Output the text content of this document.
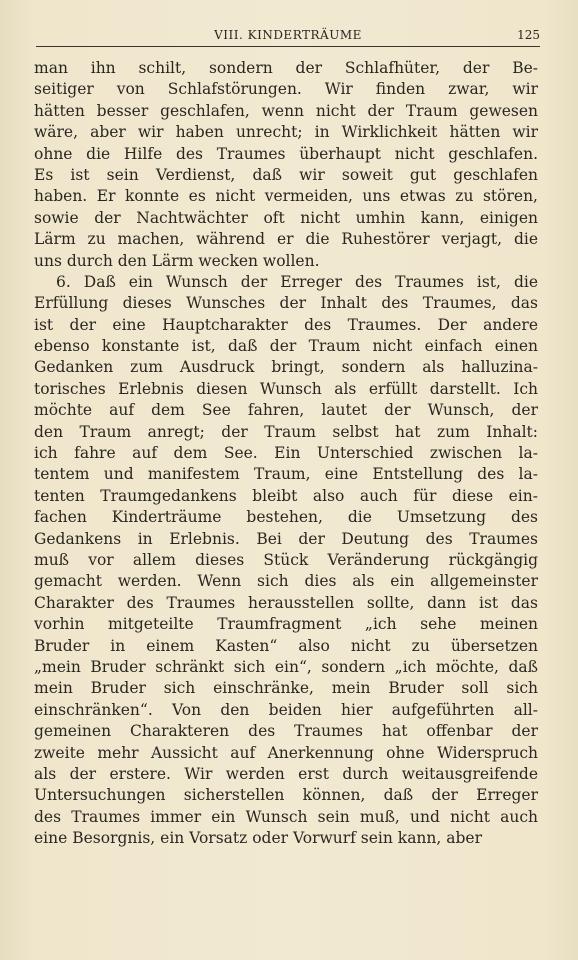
VIII. KINDERTRÄUME	125
man ihn schilt, sondern der Schlafhüter, der Be-
seitiger von Schlafstörungen. Wir finden zwar, wir
hätten besser geschlafen, wenn nicht der Traum gewesen
wäre, aber wir haben unrecht; in Wirklichkeit hätten wir
ohne die Hilfe des Traumes überhaupt nicht geschlafen.
Es ist sein Verdienst, daß wir soweit gut geschlafen
haben. Er konnte es nicht vermeiden, uns etwas zu stören,
sowie der Nachtwächter oft nicht umhin kann, einigen
Lärm zu machen, während er die Ruhestörer verjagt, die
uns durch den Lärm wecken wollen.
6. Daß ein Wunsch der Erreger des Traumes ist, die
Erfüllung dieses Wunsches der Inhalt des Traumes, das
ist der eine Hauptcharakter des Traumes. Der andere
ebenso konstante ist, daß der Traum nicht einfach einen
Gedanken zum Ausdruck bringt, sondern als halluzina-
torisches Erlebnis diesen Wunsch als erfüllt darstellt. Ich
möchte auf dem See fahren, lautet der Wunsch, der
den Traum anregt; der Traum selbst hat zum Inhalt:
ich fahre auf dem See. Ein Unterschied zwischen la-
tentem und manifestem Traum, eine Entstellung des la-
tenten Traumgedankens bleibt also auch für diese ein-
fachen Kinderträume bestehen, die Umsetzung des
Gedankens in Erlebnis. Bei der Deutung des Traumes
muß vor allem dieses Stück Veränderung rückgängig
gemacht werden. Wenn sich dies als ein allgemeinster
Charakter des Traumes herausstellen sollte, dann ist das
vorhin mitgeteilte Traumfragment „ich sehe meinen
Bruder in einem Kasten“ also nicht zu übersetzen
„mein Bruder schränkt sich ein“, sondern „ich möchte, daß
mein Bruder sich einschränke, mein Bruder soll sich
einschränken“. Von den beiden hier aufgeführten all-
gemeinen Charakteren des Traumes hat offenbar der
zweite mehr Aussicht auf Anerkennung ohne Widerspruch
als der erstere. Wir werden erst durch weitausgreifende
Untersuchungen sicherstellen können, daß der Erreger
des Traumes immer ein Wunsch sein muß, und nicht auch
eine Besorgnis, ein Vorsatz oder Vorwurf sein kann, aber
